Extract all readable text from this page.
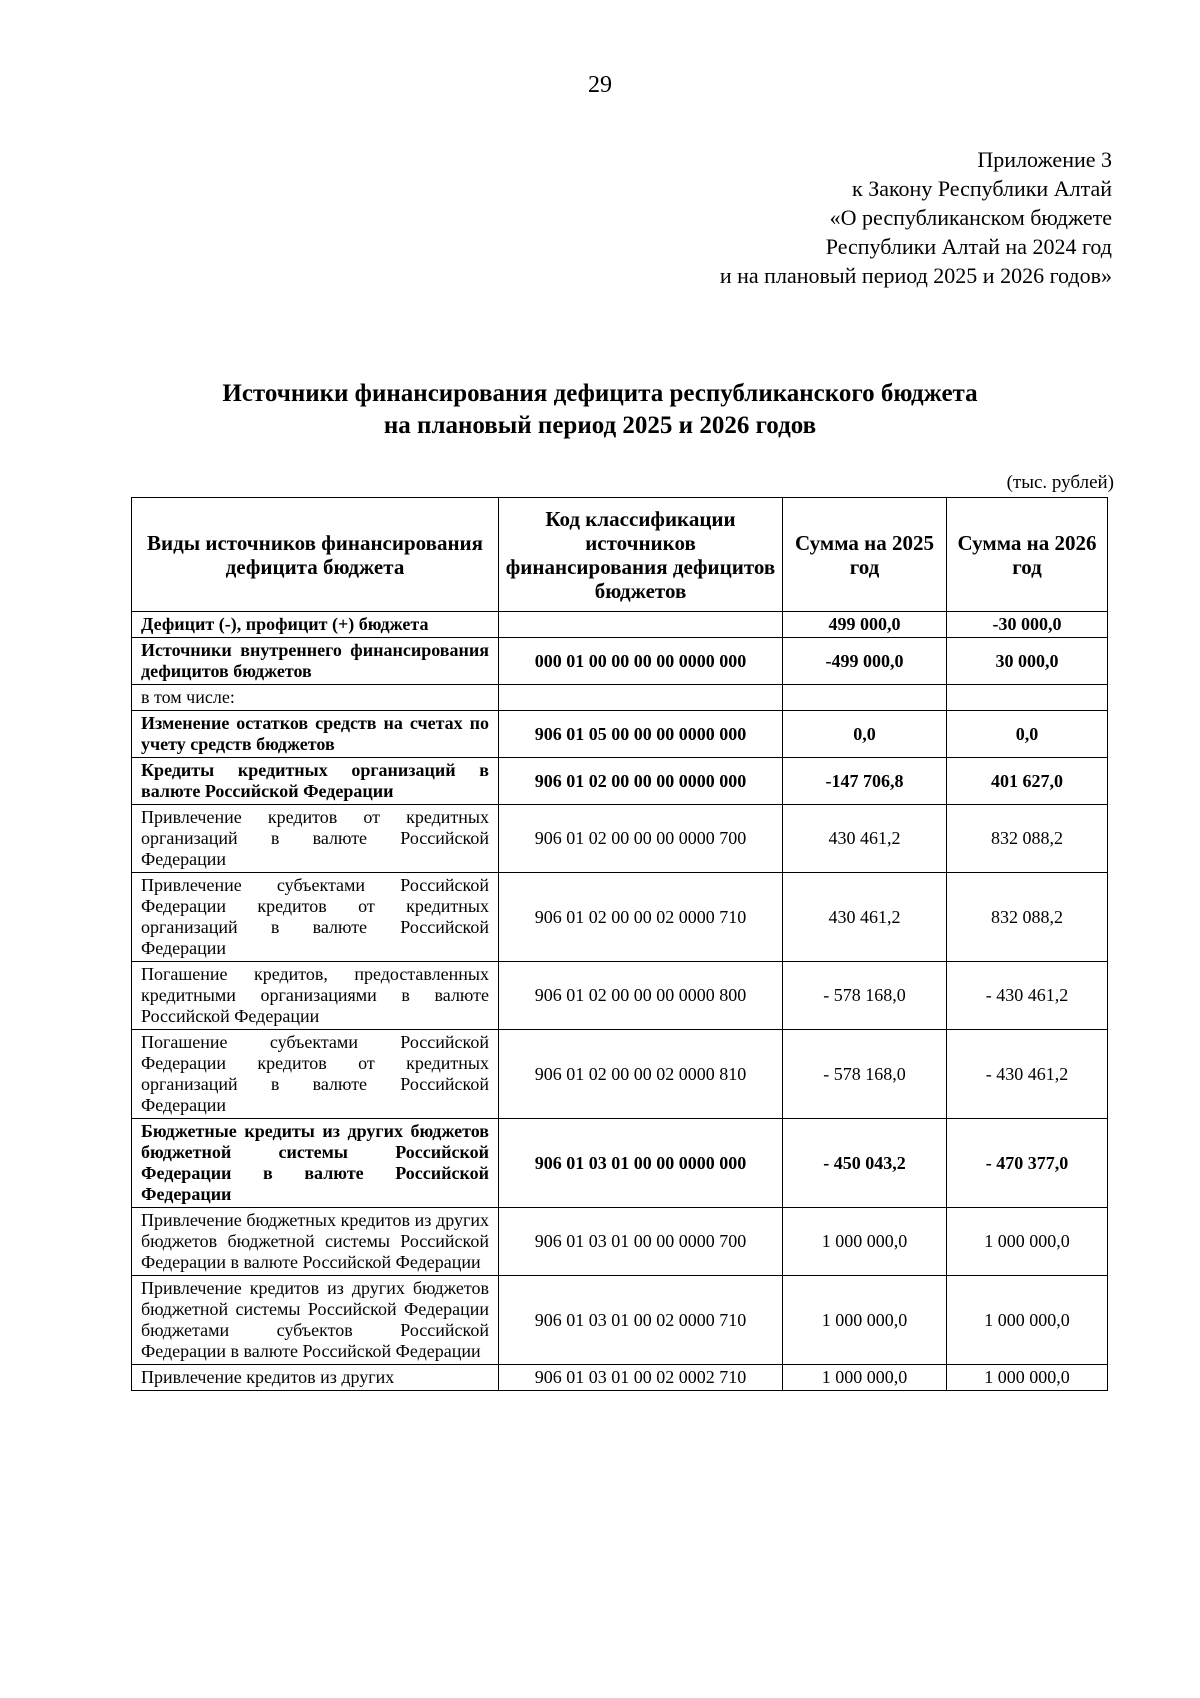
29
Приложение 3
к Закону Республики Алтай
«О республиканском бюджете
Республики Алтай на 2024 год
и на плановый период 2025 и 2026 годов»
Источники финансирования дефицита республиканского бюджета
на плановый период 2025 и 2026 годов
(тыс. рублей)
Виды источников финансирования дефицита бюджета	Код классификации источников финансирования дефицитов бюджетов	Сумма на 2025 год	Сумма на 2026 год
Дефицит (-), профицит (+) бюджета		499 000,0	-30 000,0
Источники внутреннего финансирования дефицитов бюджетов	000 01 00 00 00 00 0000 000	-499 000,0	30 000,0
в том числе:			
Изменение остатков средств на счетах по учету средств бюджетов	906 01 05 00 00 00 0000 000	0,0	0,0
Кредиты кредитных организаций в валюте Российской Федерации	906 01 02 00 00 00 0000 000	-147 706,8	401 627,0
Привлечение кредитов от кредитных организаций в валюте Российской Федерации	906 01 02 00 00 00 0000 700	430 461,2	832 088,2
Привлечение субъектами Российской Федерации кредитов от кредитных организаций в валюте Российской Федерации	906 01 02 00 00 02 0000 710	430 461,2	832 088,2
Погашение кредитов, предоставленных кредитными организациями в валюте Российской Федерации	906 01 02 00 00 00 0000 800	- 578 168,0	- 430 461,2
Погашение субъектами Российской Федерации кредитов от кредитных организаций в валюте Российской Федерации	906 01 02 00 00 02 0000 810	- 578 168,0	- 430 461,2
Бюджетные кредиты из других бюджетов бюджетной системы Российской Федерации в валюте Российской Федерации	906 01 03 01 00 00 0000 000	- 450 043,2	- 470 377,0
Привлечение бюджетных кредитов из других бюджетов бюджетной системы Российской Федерации в валюте Российской Федерации	906 01 03 01 00 00 0000 700	1 000 000,0	1 000 000,0
Привлечение кредитов из других бюджетов бюджетной системы Российской Федерации бюджетами субъектов Российской Федерации в валюте Российской Федерации	906 01 03 01 00 02 0000 710	1 000 000,0	1 000 000,0
Привлечение кредитов из других	906 01 03 01 00 02 0002 710	1 000 000,0	1 000 000,0
